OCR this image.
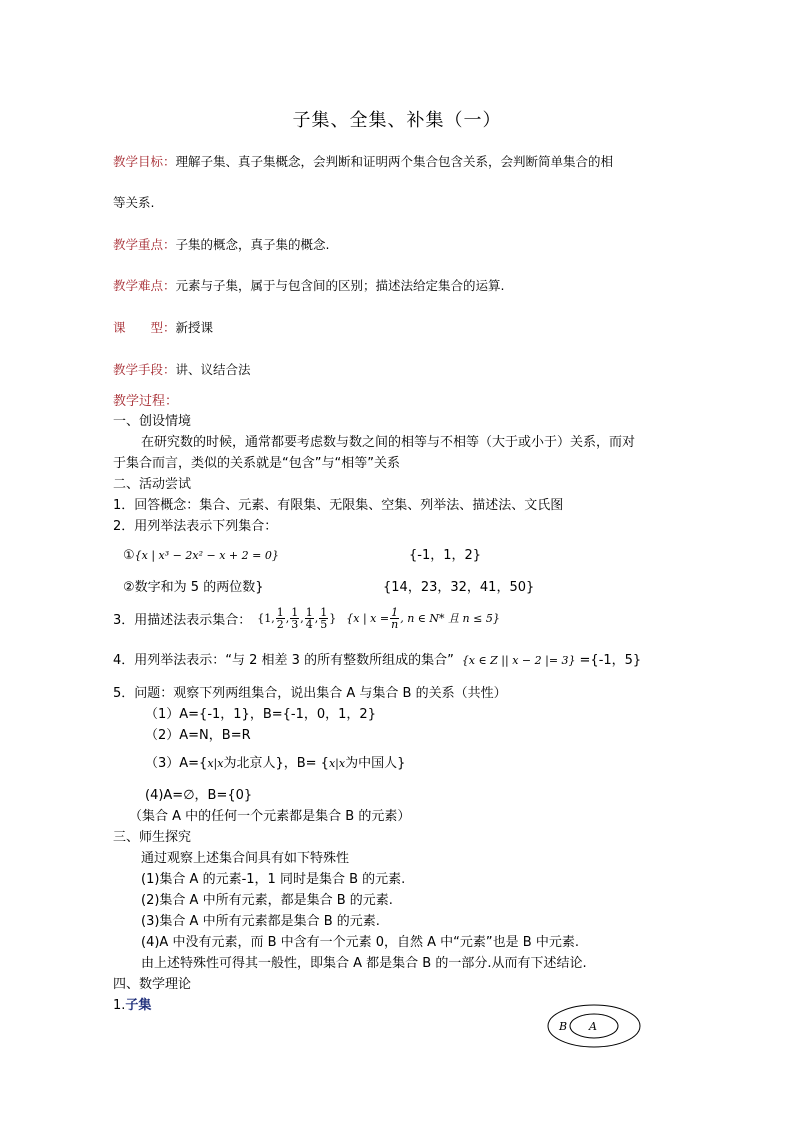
子集、全集、补集（一）
教学目标：理解子集、真子集概念，会判断和证明两个集合包含关系，会判断简单集合的相
等关系.
教学重点：子集的概念，真子集的概念.
教学难点：元素与子集，属于与包含间的区别；描述法给定集合的运算.
课　　型：新授课
教学手段：讲、议结合法
教学过程：
一、创设情境
在研究数的时候，通常都要考虑数与数之间的相等与不相等（大于或小于）关系，而对
于集合而言，类似的关系就是“包含”与“相等”关系
二、活动尝试
1．回答概念：集合、元素、有限集、无限集、空集、列举法、描述法、文氏图
2．用列举法表示下列集合：
①{x | x³ − 2x² − x + 2 = 0}	{-1，1，2}
②数字和为 5 的两位数}	{14，23，32，41，50}
3．用描述法表示集合： {1, $\frac{1}{2}$ , $\frac{1}{3}$ , $\frac{1}{4}$ , $\frac{1}{5}$ } {x | $x = \frac{1}{n}$ , n ∈ N* 且 n ≤ 5}
4．用列举法表示：“与 2 相差 3 的所有整数所组成的集合” {x ∈ Z || x − 2 |= 3} ={-1，5}
5．问题：观察下列两组集合，说出集合 A 与集合 B 的关系（共性）
（1）A={-1，1}，B={-1，0，1，2}
（2）A=N，B=R
（3）A={x|x为北京人}，B= {x|x为中国人}
(4)A=∅，B={0}
（集合 A 中的任何一个元素都是集合 B 的元素）
三、师生探究
通过观察上述集合间具有如下特殊性
(1)集合 A 的元素-1，1 同时是集合 B 的元素.
(2)集合 A 中所有元素，都是集合 B 的元素.
(3)集合 A 中所有元素都是集合 B 的元素.
(4)A 中没有元素，而 B 中含有一个元素 0，自然 A 中“元素”也是 B 中元素.
由上述特殊性可得其一般性，即集合 A 都是集合 B 的一部分.从而有下述结论.
四、数学理论
1.子集
B A
